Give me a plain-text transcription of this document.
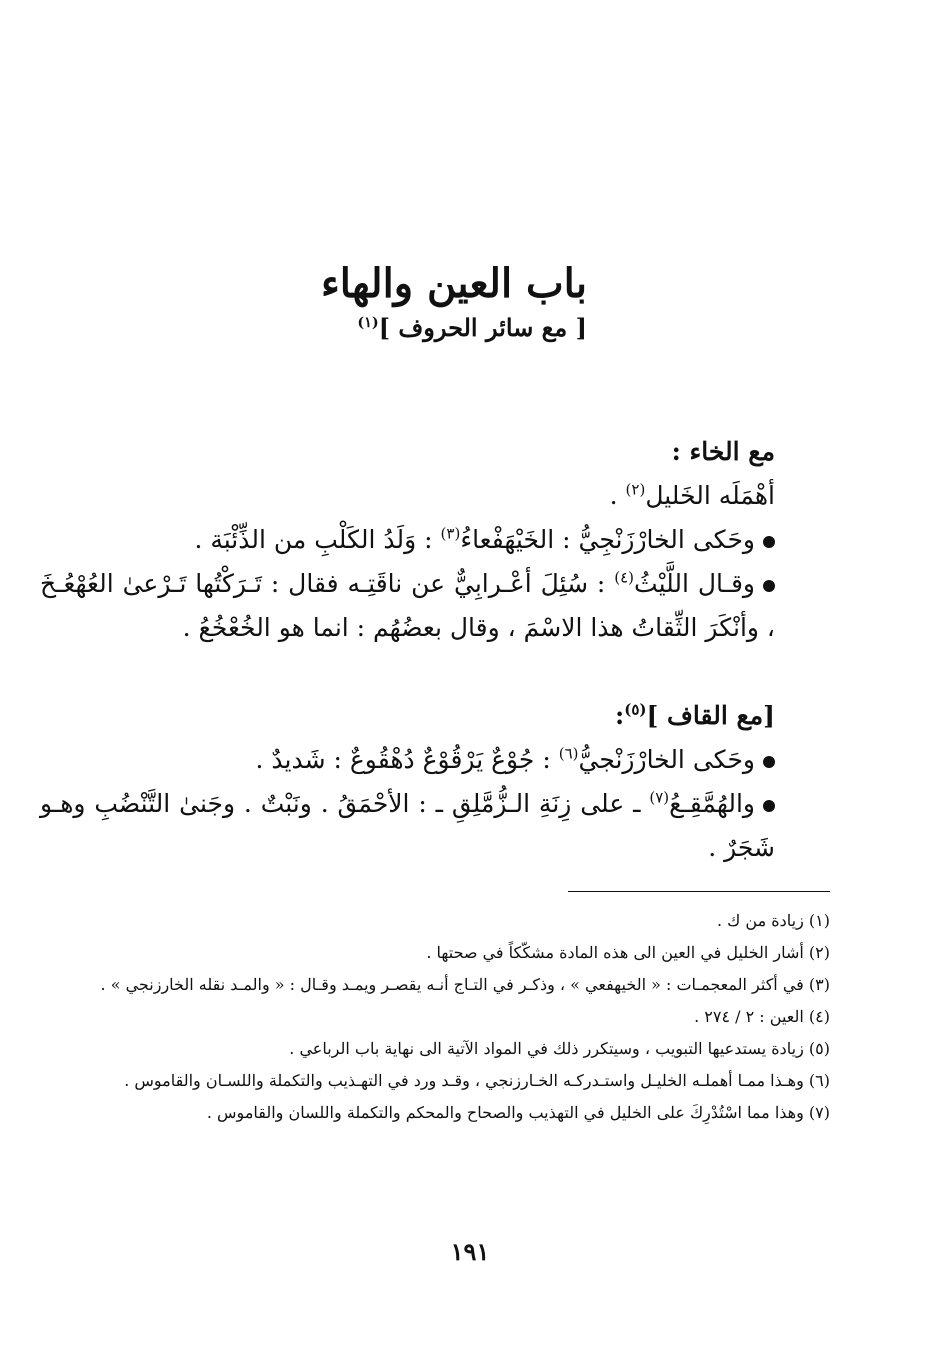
باب العين والهاء

[ مع سائر الحروف ]$^{(١)}$

مع الخاء :

أهْمَلَه الخَليل$^{(٢)}$ .

وحَكى الخارْزَنْجِيُّ : الخَيْهَفْعاءُ$^{(٣)}$ : وَلَدُ الكَلْبِ من الذِّئْبَة .

وقـال اللَّيْثُ$^{(٤)}$ : سُئِلَ أعْـرابِيٌّ عن ناقَتِـه فقال : تَـرَكْتُها تَـرْعىٰ العُهْعُـخَ ، وأنْكَرَ الثِّقاتُ هذا الاسْمَ ، وقال بعضُهُم : انما هو الخُعْخُعُ .

[مع القاف ]$^{(٥)}$:

وحَكى الخارْزَنْجيُّ$^{(٦)}$ : جُوْعٌ يَرْقُوْعٌ دُهْقُوعٌ : شَديدٌ .

والهُمَّقِـعُ$^{(٧)}$ ـ على زِنَةِ الـزُّمَّلِقِ ـ : الأحْمَقُ . ونَبْتٌ . وجَنىٰ التَّنْضُبِ وهـو شَجَرٌ .

(١) زيادة من ك .

(٢) أشار الخليل في العين الى هذه المادة مشكّكاً في صحتها .

(٣) في أكثر المعجمـات : « الخيهفعي » ، وذكـر في التـاج أنـه يقصـر ويمـد وقـال : « والمـد نقله الخارزنجي » .

(٤) العين : ٢ / ٢٧٤ .

(٥) زيادة يستدعيها التبويب ، وسيتكرر ذلك في المواد الآتية الى نهاية باب الرباعي .

(٦) وهـذا ممـا أهملـه الخليـل واستـدركـه الخـارزنجي ، وقـد ورد في التهـذيب والتكملة واللسـان والقاموس .

(٧) وهذا مما اسْتُدْرِكَ على الخليل في التهذيب والصحاح والمحكم والتكملة واللسان والقاموس .

١٩١
